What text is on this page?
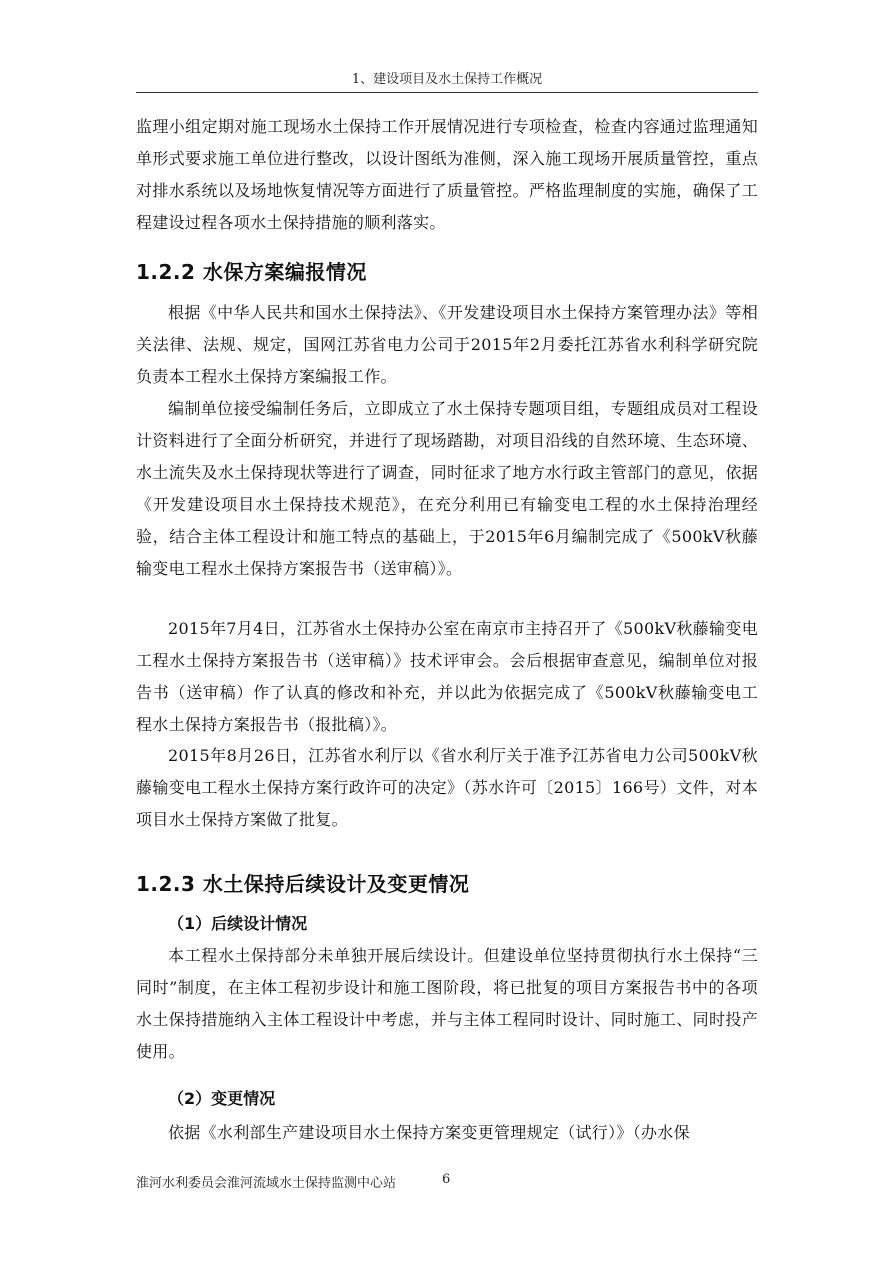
1、建设项目及水土保持工作概况
监理小组定期对施工现场水土保持工作开展情况进行专项检查，检查内容通过监理通知单形式要求施工单位进行整改，以设计图纸为准侧，深入施工现场开展质量管控，重点对排水系统以及场地恢复情况等方面进行了质量管控。严格监理制度的实施，确保了工程建设过程各项水土保持措施的顺利落实。
1.2.2 水保方案编报情况
根据《中华人民共和国水土保持法》、《开发建设项目水土保持方案管理办法》等相关法律、法规、规定，国网江苏省电力公司于2015年2月委托江苏省水利科学研究院负责本工程水土保持方案编报工作。
编制单位接受编制任务后，立即成立了水土保持专题项目组，专题组成员对工程设计资料进行了全面分析研究，并进行了现场踏勘，对项目沿线的自然环境、生态环境、水土流失及水土保持现状等进行了调查，同时征求了地方水行政主管部门的意见，依据《开发建设项目水土保持技术规范》，在充分利用已有输变电工程的水土保持治理经验，结合主体工程设计和施工特点的基础上，于2015年6月编制完成了《500kV秋藤输变电工程水土保持方案报告书（送审稿）》。
2015年7月4日，江苏省水土保持办公室在南京市主持召开了《500kV秋藤输变电工程水土保持方案报告书（送审稿）》技术评审会。会后根据审查意见，编制单位对报告书（送审稿）作了认真的修改和补充，并以此为依据完成了《500kV秋藤输变电工程水土保持方案报告书（报批稿）》。
2015年8月26日，江苏省水利厅以《省水利厅关于准予江苏省电力公司500kV秋藤输变电工程水土保持方案行政许可的决定》（苏水许可〔2015〕166号）文件，对本项目水土保持方案做了批复。
1.2.3 水土保持后续设计及变更情况
（1）后续设计情况
本工程水土保持部分未单独开展后续设计。但建设单位坚持贯彻执行水土保持“三同时”制度，在主体工程初步设计和施工图阶段，将已批复的项目方案报告书中的各项水土保持措施纳入主体工程设计中考虑，并与主体工程同时设计、同时施工、同时投产使用。
（2）变更情况
依据《水利部生产建设项目水土保持方案变更管理规定（试行）》（办水保
淮河水利委员会淮河流域水土保持监测中心站	6
